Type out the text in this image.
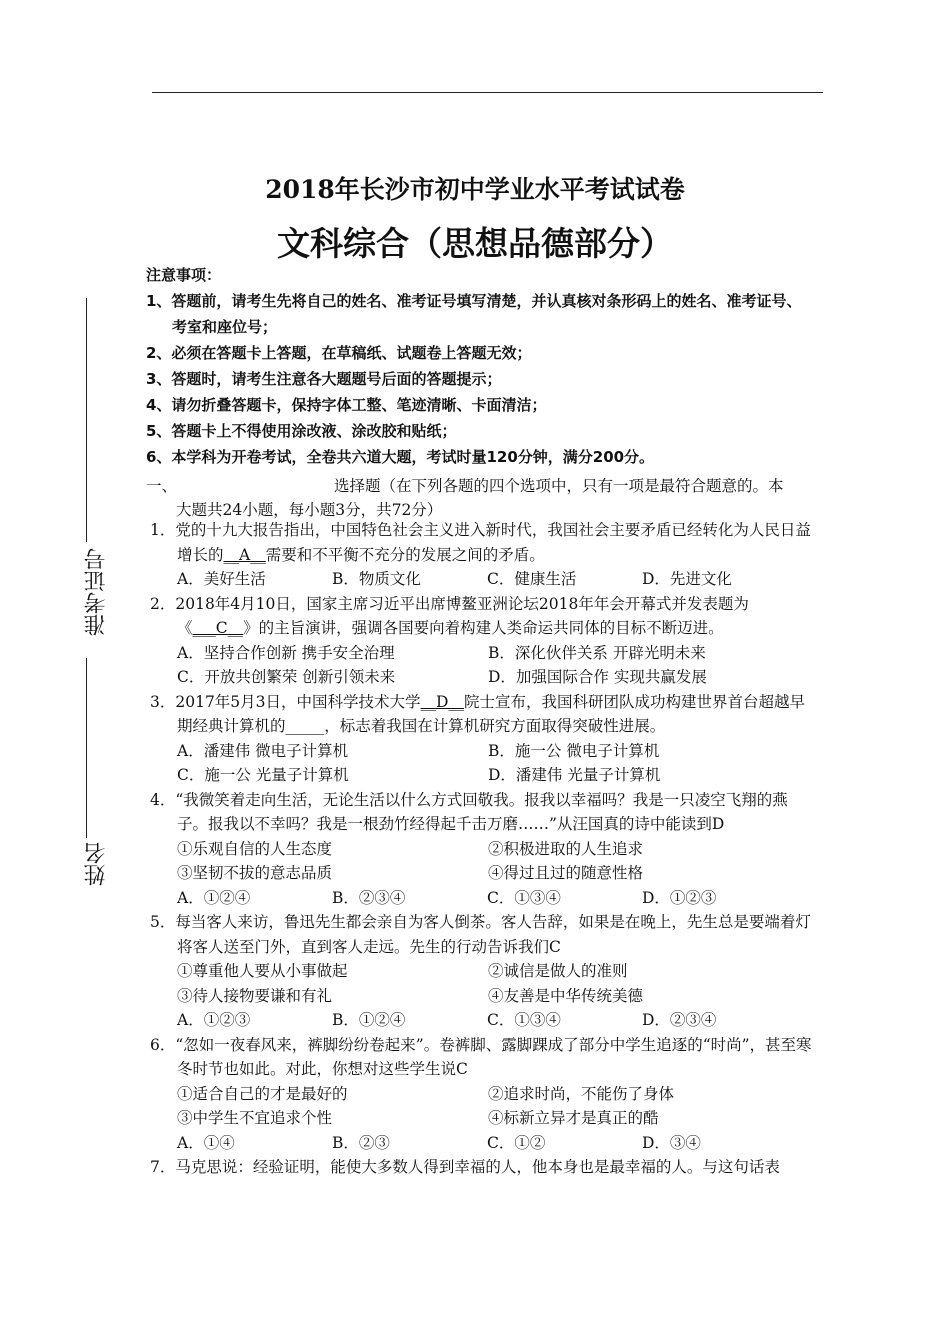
准考证号
姓名
2018年长沙市初中学业水平考试试卷
文科综合（思想品德部分）
注意事项：
1、答题前，请考生先将自己的姓名、准考证号填写清楚，并认真核对条形码上的姓名、准考证号、考室和座位号；
2、必须在答题卡上答题，在草稿纸、试题卷上答题无效；
3、答题时，请考生注意各大题题号后面的答题提示；
4、请勿折叠答题卡，保持字体工整、笔迹清晰、卡面清洁；
5、答题卡上不得使用涂改液、涂改胶和贴纸；
6、本学科为开卷考试，全卷共六道大题，考试时量120分钟，满分200分。
一、	选择题（在下列各题的四个选项中，只有一项是最符合题意的。本
大题共24小题，每小题3分，共72分）
1．党的十九大报告指出，中国特色社会主义进入新时代，我国社会主要矛盾已经转化为人民日益增长的__A__需要和不平衡不充分的发展之间的矛盾。
A．美好生活	B．物质文化	C．健康生活	D．先进文化
2．2018年4月10日，国家主席习近平出席博鳌亚洲论坛2018年年会开幕式并发表题为《___C__》的主旨演讲，强调各国要向着构建人类命运共同体的目标不断迈进。
A．坚持合作创新 携手安全治理	B．深化伙伴关系 开辟光明未来
C．开放共创繁荣 创新引领未来	D．加强国际合作 实现共赢发展
3．2017年5月3日，中国科学技术大学__D__院士宣布，我国科研团队成功构建世界首台超越早期经典计算机的_____，标志着我国在计算机研究方面取得突破性进展。
A．潘建伟 微电子计算机	B．施一公 微电子计算机
C．施一公 光量子计算机	D．潘建伟 光量子计算机
4．“我微笑着走向生活，无论生活以什么方式回敬我。报我以幸福吗？我是一只凌空飞翔的燕子。报我以不幸吗？我是一根劲竹经得起千击万磨……”从汪国真的诗中能读到D
①乐观自信的人生态度	②积极进取的人生追求
③坚韧不拔的意志品质	④得过且过的随意性格
A．①②④	B．②③④	C．①③④	D．①②③
5．每当客人来访，鲁迅先生都会亲自为客人倒茶。客人告辞，如果是在晚上，先生总是要端着灯将客人送至门外，直到客人走远。先生的行动告诉我们C
①尊重他人要从小事做起	②诚信是做人的准则
③待人接物要谦和有礼	④友善是中华传统美德
A．①②③	B．①②④	C．①③④	D．②③④
6．“忽如一夜春风来，裤脚纷纷卷起来”。卷裤脚、露脚踝成了部分中学生追逐的“时尚”，甚至寒冬时节也如此。对此，你想对这些学生说C
①适合自己的才是最好的	②追求时尚，不能伤了身体
③中学生不宜追求个性	④标新立异才是真正的酷
A．①④	B．②③	C．①②	D．③④
7．马克思说：经验证明，能使大多数人得到幸福的人，他本身也是最幸福的人。与这句话表
